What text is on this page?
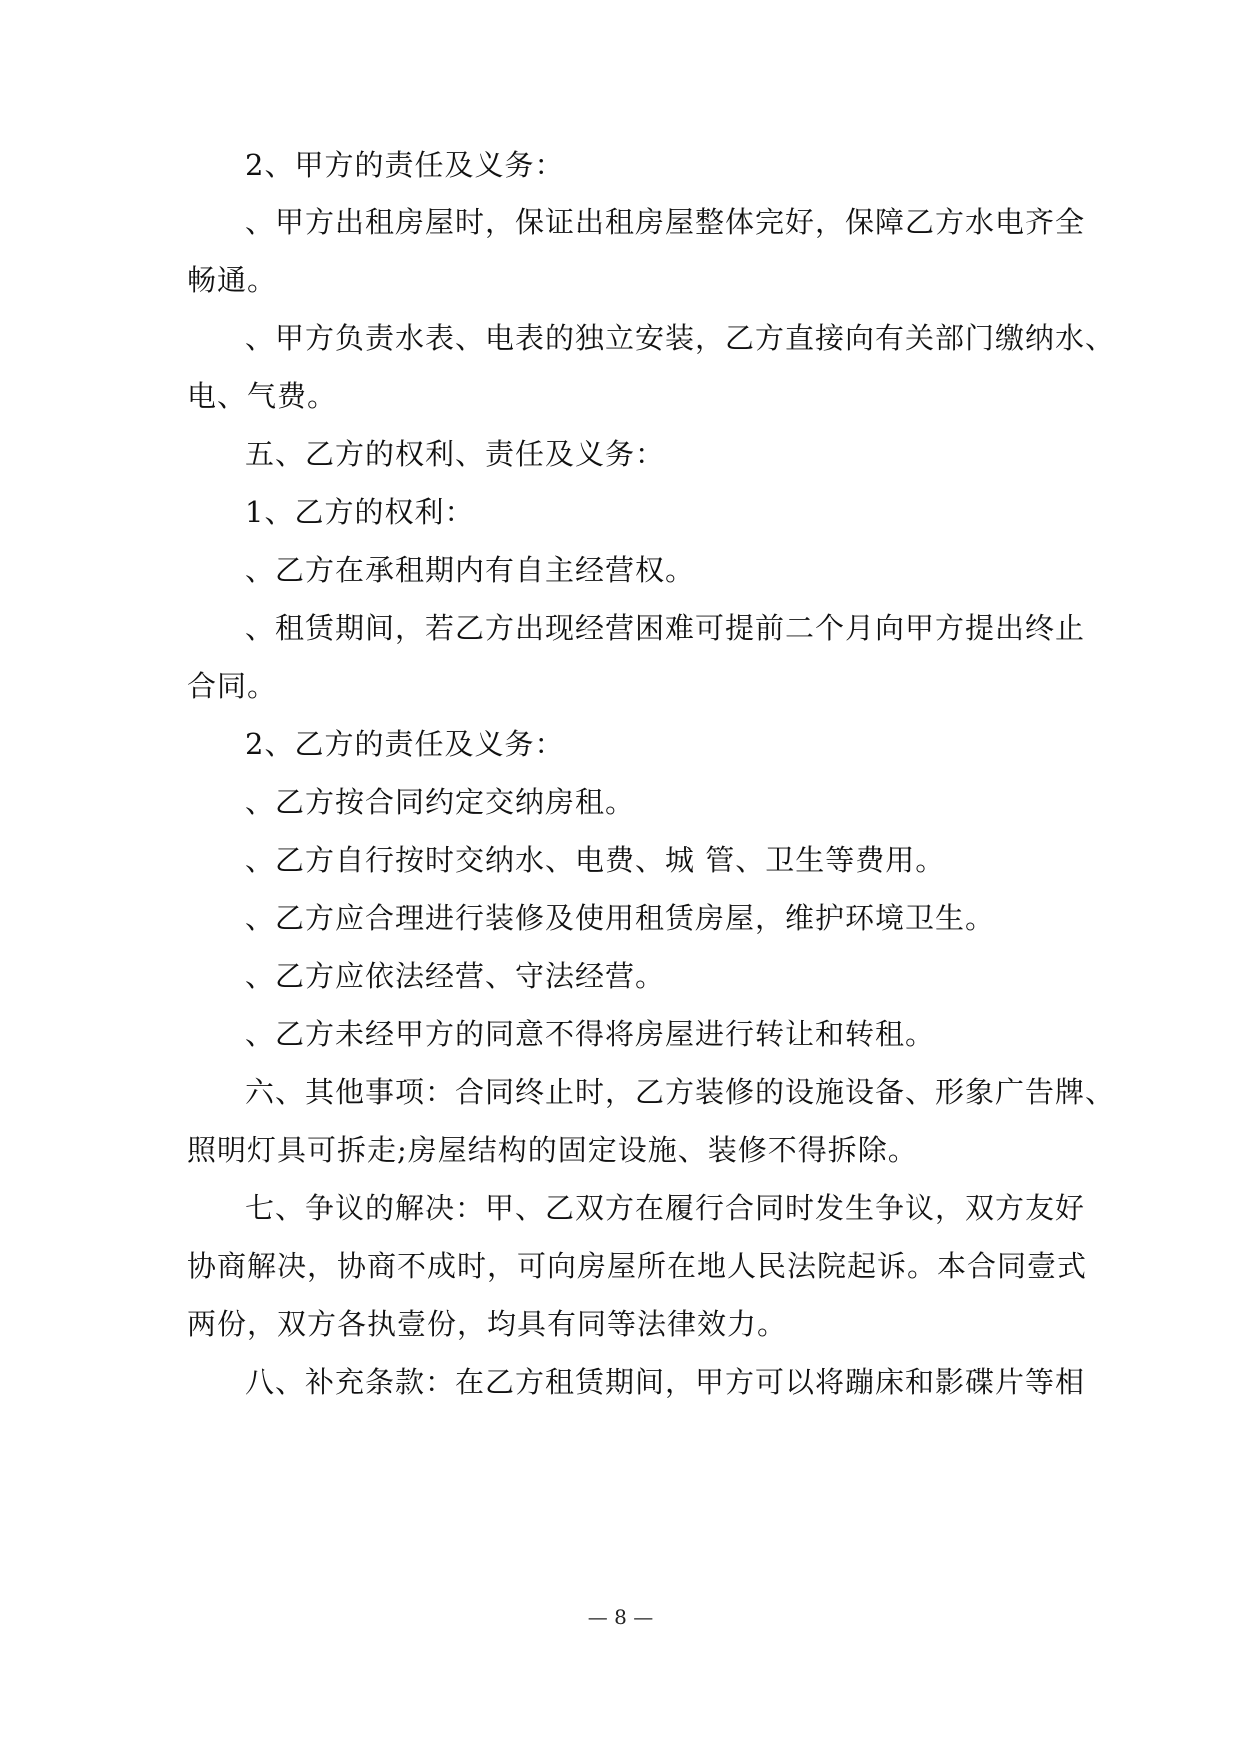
2、甲方的责任及义务：
、甲方出租房屋时，保证出租房屋整体完好，保障乙方水电齐全
畅通。
、甲方负责水表、电表的独立安装，乙方直接向有关部门缴纳水、
电、气费。
五、乙方的权利、责任及义务：
1、乙方的权利：
、乙方在承租期内有自主经营权。
、租赁期间，若乙方出现经营困难可提前二个月向甲方提出终止
合同。
2、乙方的责任及义务：
、乙方按合同约定交纳房租。
、乙方自行按时交纳水、电费、城 管、卫生等费用。
、乙方应合理进行装修及使用租赁房屋，维护环境卫生。
、乙方应依法经营、守法经营。
、乙方未经甲方的同意不得将房屋进行转让和转租。
六、其他事项：合同终止时，乙方装修的设施设备、形象广告牌、
照明灯具可拆走;房屋结构的固定设施、装修不得拆除。
七、争议的解决：甲、乙双方在履行合同时发生争议，双方友好
协商解决，协商不成时，可向房屋所在地人民法院起诉。本合同壹式
两份，双方各执壹份，均具有同等法律效力。
八、补充条款：在乙方租赁期间，甲方可以将蹦床和影碟片等相
— 8 —
